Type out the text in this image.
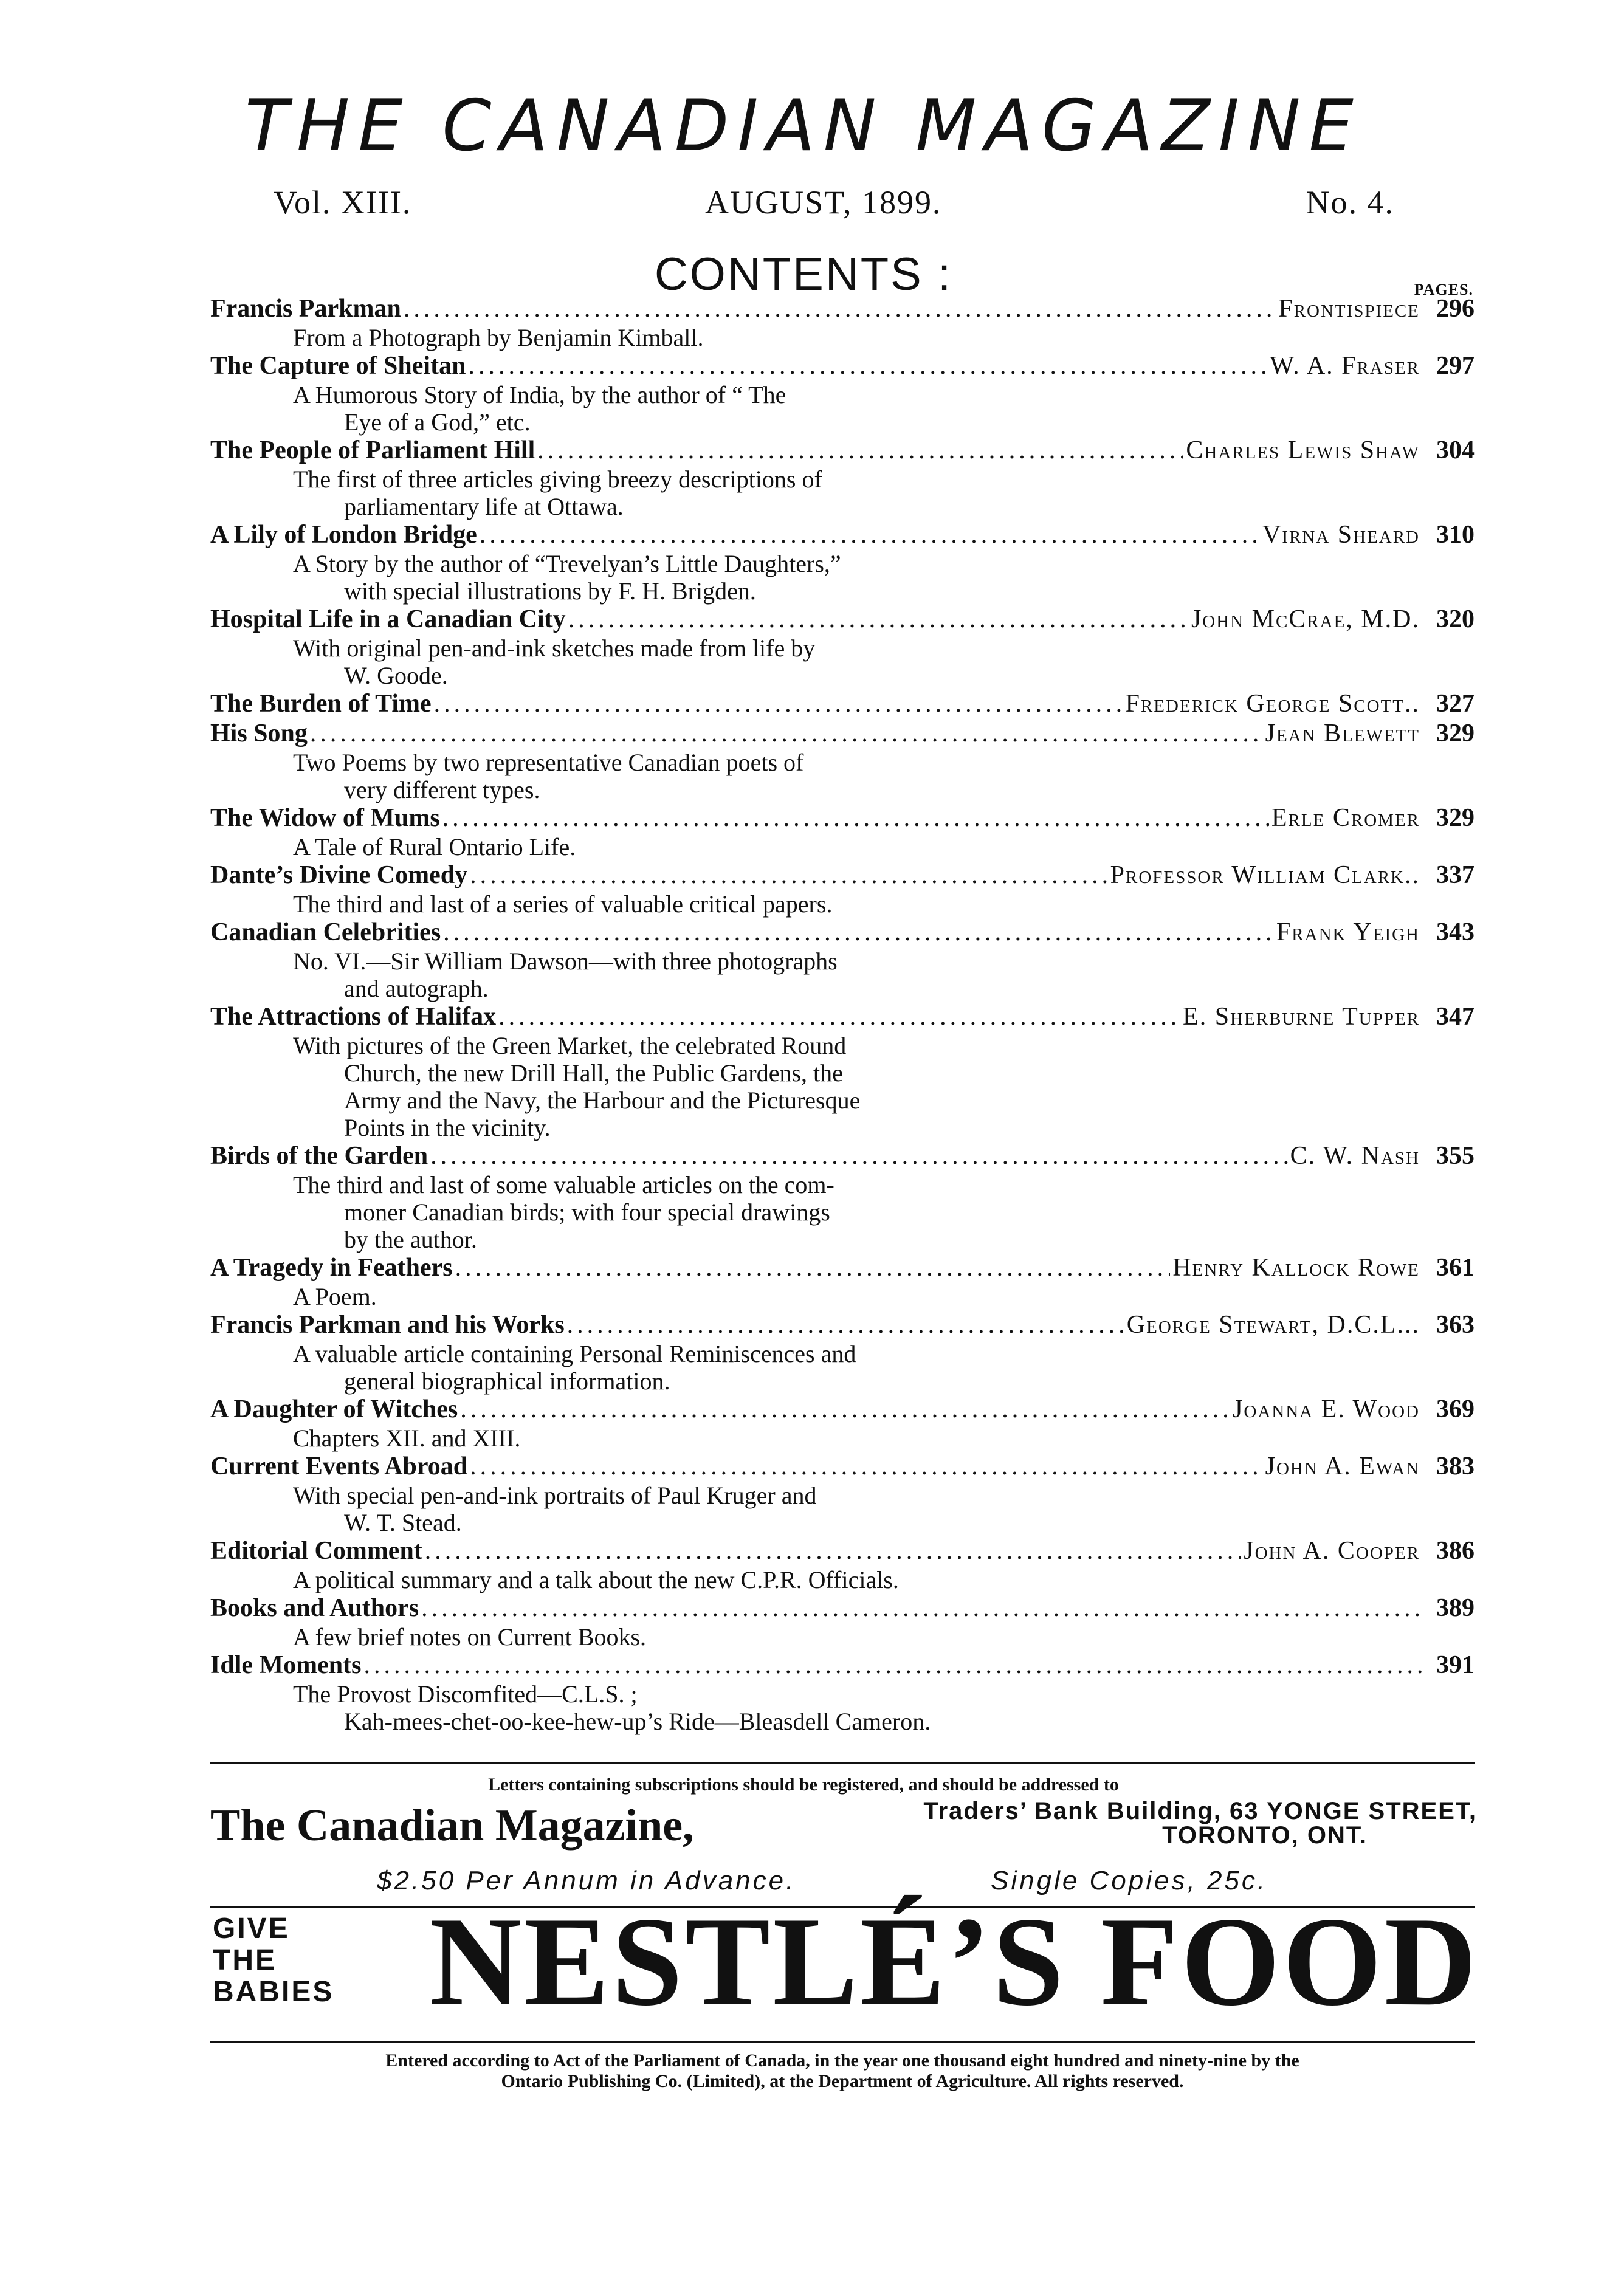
THE CANADIAN MAGAZINE
Vol. XIII.	AUGUST, 1899.	No. 4.
CONTENTS :	PAGES.
Francis Parkman .....	Frontispiece 296
From a Photograph by Benjamin Kimball.
The Capture of Sheitan .....	W. A. Fraser 297
A Humorous Story of India, by the author of “ The
Eye of a God,” etc.
The People of Parliament Hill .....	Charles Lewis Shaw 304
The first of three articles giving breezy descriptions of
parliamentary life at Ottawa.
A Lily of London Bridge .....	Virna Sheard 310
A Story by the author of “Trevelyan’s Little Daughters,”
with special illustrations by F. H. Brigden.
Hospital Life in a Canadian City .....	John McCrae, M.D. 320
With original pen-and-ink sketches made from life by
W. Goode.
The Burden of Time .....	Frederick George Scott.. 327
His Song .....	Jean Blewett 329
Two Poems by two representative Canadian poets of
very different types.
The Widow of Mums .....	Erle Cromer 329
A Tale of Rural Ontario Life.
Dante’s Divine Comedy .....	Professor William Clark.. 337
The third and last of a series of valuable critical papers.
Canadian Celebrities .....	Frank Yeigh 343
No. VI.—Sir William Dawson—with three photographs
and autograph.
The Attractions of Halifax .....	E. Sherburne Tupper 347
With pictures of the Green Market, the celebrated Round
Church, the new Drill Hall, the Public Gardens, the
Army and the Navy, the Harbour and the Picturesque
Points in the vicinity.
Birds of the Garden .....	C. W. Nash 355
The third and last of some valuable articles on the com-
moner Canadian birds; with four special drawings
by the author.
A Tragedy in Feathers .....	Henry Kallock Rowe 361
A Poem.
Francis Parkman and his Works .....	George Stewart, D.C.L... 363
A valuable article containing Personal Reminiscences and
general biographical information.
A Daughter of Witches .....	Joanna E. Wood 369
Chapters XII. and XIII.
Current Events Abroad .....	John A. Ewan 383
With special pen-and-ink portraits of Paul Kruger and
W. T. Stead.
Editorial Comment .....	John A. Cooper 386
A political summary and a talk about the new C.P.R. Officials.
Books and Authors .....	389
A few brief notes on Current Books.
Idle Moments .....	391
The Provost Discomfited—C.L.S. ;
Kah-mees-chet-oo-kee-hew-up’s Ride—Bleasdell Cameron.
Letters containing subscriptions should be registered, and should be addressed to
The Canadian Magazine,	Traders’ Bank Building, 63 YONGE STREET,
TORONTO, ONT.
$2.50 Per Annum in Advance.	Single Copies, 25c.
GIVE
THE
BABIES NESTLÉ’S FOOD
Entered according to Act of the Parliament of Canada, in the year one thousand eight hundred and ninety-nine by the
Ontario Publishing Co. (Limited), at the Department of Agriculture. All rights reserved.
